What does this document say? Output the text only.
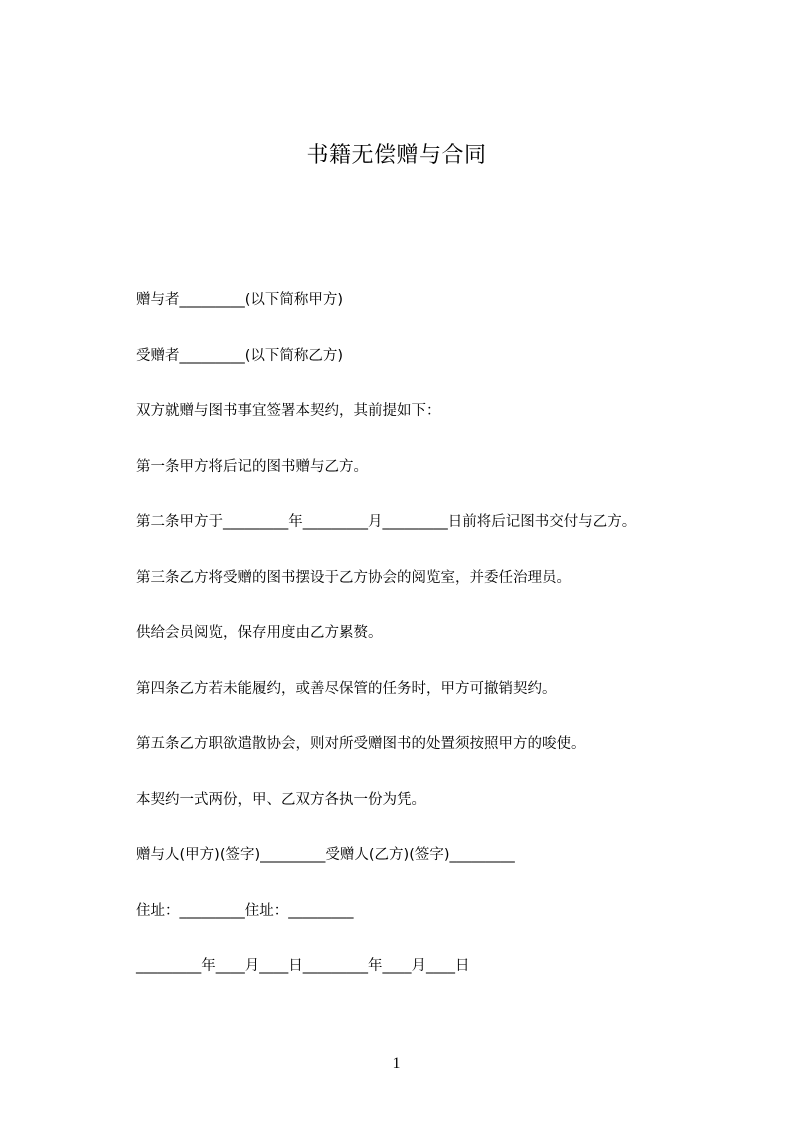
书籍无偿赠与合同
赠与者_________(以下简称甲方)
受赠者_________(以下简称乙方)
双方就赠与图书事宜签署本契约，其前提如下：
第一条甲方将后记的图书赠与乙方。
第二条甲方于_________年_________月_________日前将后记图书交付与乙方。
第三条乙方将受赠的图书摆设于乙方协会的阅览室，并委任治理员。
供给会员阅览，保存用度由乙方累赘。
第四条乙方若未能履约，或善尽保管的任务时，甲方可撤销契约。
第五条乙方职欲遣散协会，则对所受赠图书的处置须按照甲方的唆使。
本契约一式两份，甲、乙双方各执一份为凭。
赠与人(甲方)(签字)_________受赠人(乙方)(签字)_________
住址：_________住址：_________
_________年____月____日_________年____月____日
1
